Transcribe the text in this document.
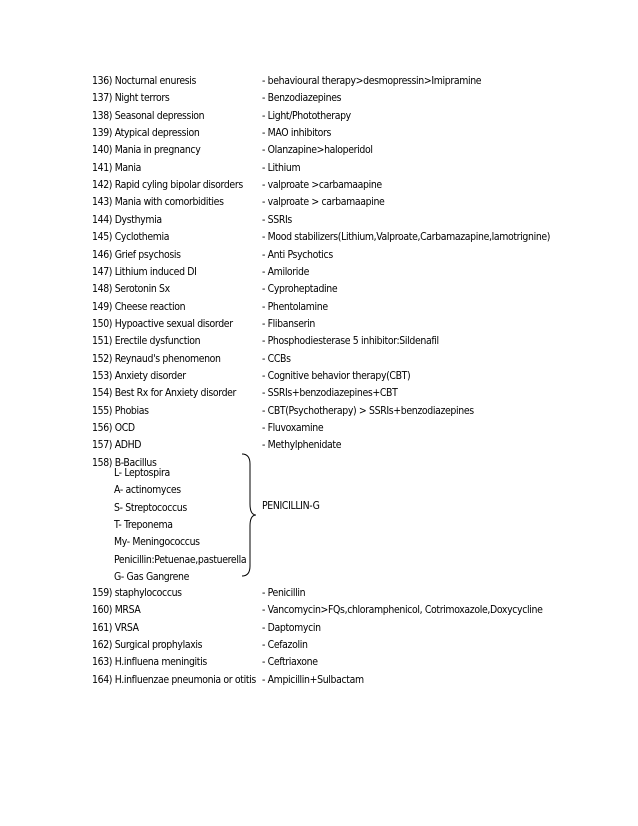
136) Nocturnal enuresis	- behavioural therapy>desmopressin>Imipramine
137) Night terrors	- Benzodiazepines
138) Seasonal depression	- Light/Phototherapy
139) Atypical depression	- MAO inhibitors
140) Mania in pregnancy	- Olanzapine>haloperidol
141) Mania	- Lithium
142) Rapid cyling bipolar disorders - valproate >carbamaapine
143) Mania with comorbidities	- valproate > carbamaapine
144) Dysthymia	- SSRIs
145) Cyclothemia	- Mood stabilizers(Lithium,Valproate,Carbamazapine,lamotrignine)
146) Grief psychosis	- Anti Psychotics
147) Lithium induced DI	- Amiloride
148) Serotonin Sx	- Cyproheptadine
149) Cheese reaction	- Phentolamine
150) Hypoactive sexual disorder	- Flibanserin
151) Erectile dysfunction	- Phosphodiesterase 5 inhibitor:Sildenafil
152) Reynaud's phenomenon	- CCBs
153) Anxiety disorder	- Cognitive behavior therapy(CBT)
154) Best Rx for Anxiety disorder - SSRIs+benzodiazepines+CBT
155) Phobias	- CBT(Psychotherapy) > SSRIs+benzodiazepines
156) OCD	- Fluvoxamine
157) ADHD	- Methylphenidate
158) B-Bacillus
L- Leptospira
A- actinomyces
S- Streptococcus
T- Treponema
My- Meningococcus
Penicillin:Petuenae,pastuerella
G- Gas Gangrene
PENICILLIN-G
159) staphylococcus	- Penicillin
160) MRSA	- Vancomycin>FQs,chloramphenicol, Cotrimoxazole,Doxycycline
161) VRSA	- Daptomycin
162) Surgical prophylaxis	- Cefazolin
163) H.influena meningitis	- Ceftriaxone
164) H.influenzae pneumonia or otitis - Ampicillin+Sulbactam
